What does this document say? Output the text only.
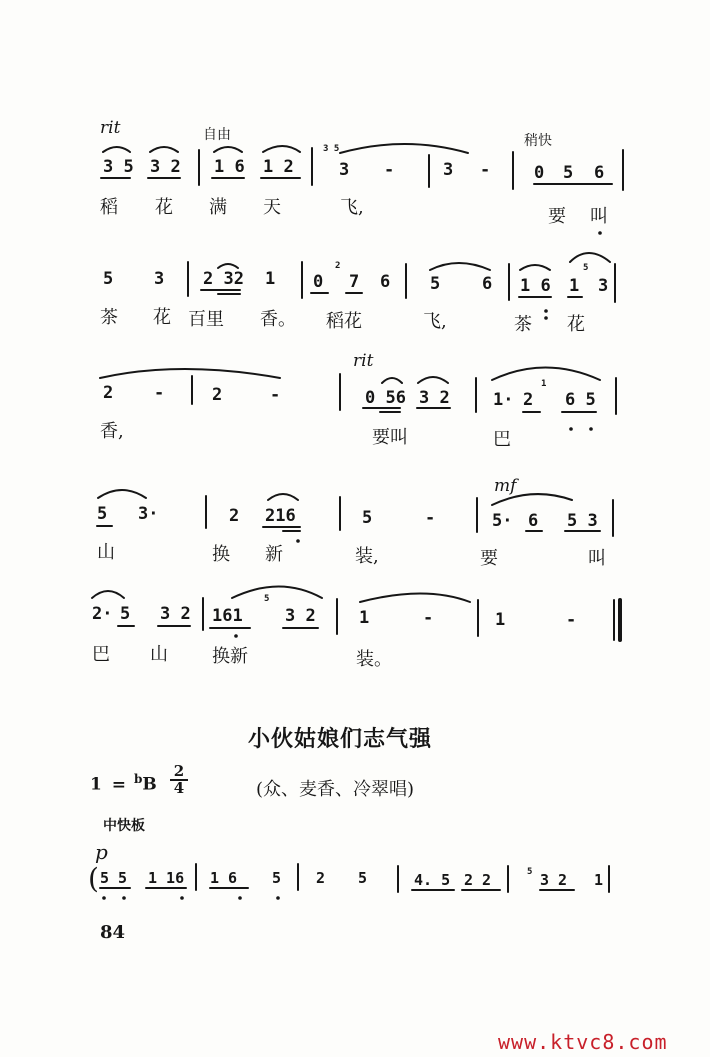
rit	自由	稍快
3 5 3 2 1 6 1 2
3 5
3 -	3 -	0 5 6
稻 花 满 天	飞,	要 叫
5 3 2 32 1 0
2
7 6 5 6 1 6 1
5
3
茶 花 百里 香。 稻花	飞,	茶 花
rit
2 -	2	-	0 56 3 2	1· 2
1
6 5
香,	要叫	巴
mf
5 3·	2 216	5	-	5· 6 5 3
山	换 新	装,	要	叫
2· 5 3 2 161
5
3 2	1	-	1	-
巴 山 换新	装。
小伙姑娘们志气强
1 = $^b$B
2
4	(众、麦香、冷翠唱)
中快板
p
( 5 5 1 16 1 6 5 2 5	4. 5 2 2	5 3 2 1
84
www.ktvc8.com
